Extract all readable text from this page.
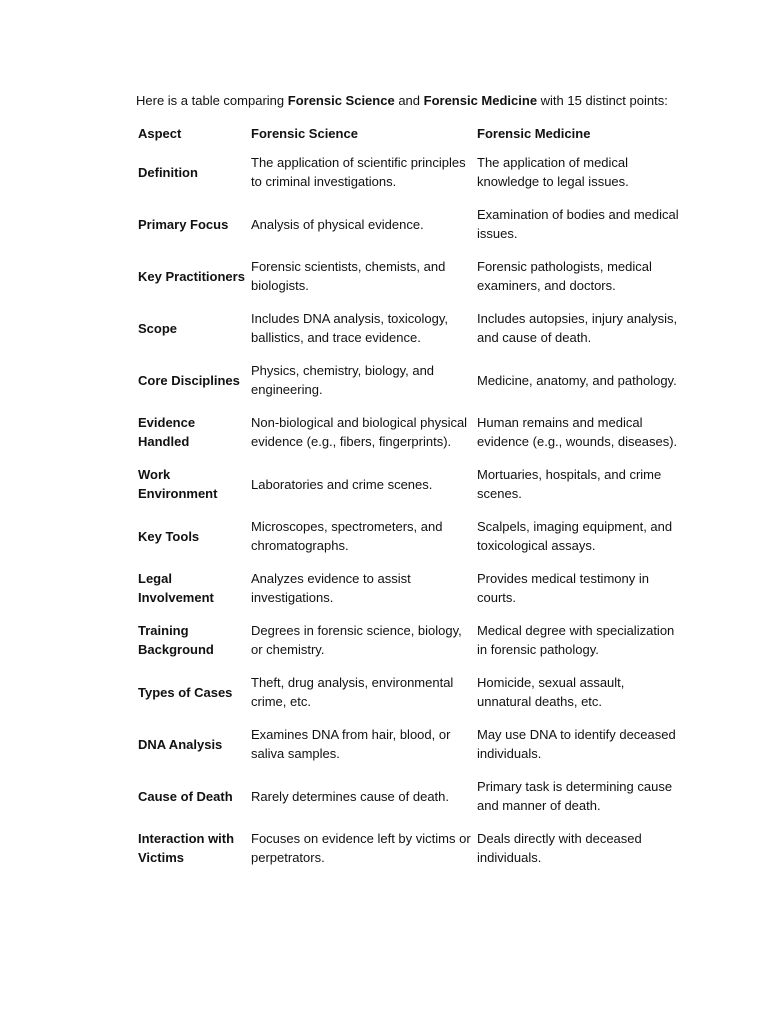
Here is a table comparing Forensic Science and Forensic Medicine with 15 distinct points:
Aspect	Forensic Science	Forensic Medicine
Definition	The application of scientific principles to criminal investigations.	The application of medical knowledge to legal issues.
Primary Focus	Analysis of physical evidence.	Examination of bodies and medical issues.
Key Practitioners	Forensic scientists, chemists, and biologists.	Forensic pathologists, medical examiners, and doctors.
Scope	Includes DNA analysis, toxicology, ballistics, and trace evidence.	Includes autopsies, injury analysis, and cause of death.
Core Disciplines	Physics, chemistry, biology, and engineering.	Medicine, anatomy, and pathology.
Evidence Handled	Non-biological and biological physical evidence (e.g., fibers, fingerprints).	Human remains and medical evidence (e.g., wounds, diseases).
Work Environment	Laboratories and crime scenes.	Mortuaries, hospitals, and crime scenes.
Key Tools	Microscopes, spectrometers, and chromatographs.	Scalpels, imaging equipment, and toxicological assays.
Legal Involvement	Analyzes evidence to assist investigations.	Provides medical testimony in courts.
Training Background	Degrees in forensic science, biology, or chemistry.	Medical degree with specialization in forensic pathology.
Types of Cases	Theft, drug analysis, environmental crime, etc.	Homicide, sexual assault, unnatural deaths, etc.
DNA Analysis	Examines DNA from hair, blood, or saliva samples.	May use DNA to identify deceased individuals.
Cause of Death	Rarely determines cause of death.	Primary task is determining cause and manner of death.
Interaction with Victims	Focuses on evidence left by victims or perpetrators.	Deals directly with deceased individuals.
